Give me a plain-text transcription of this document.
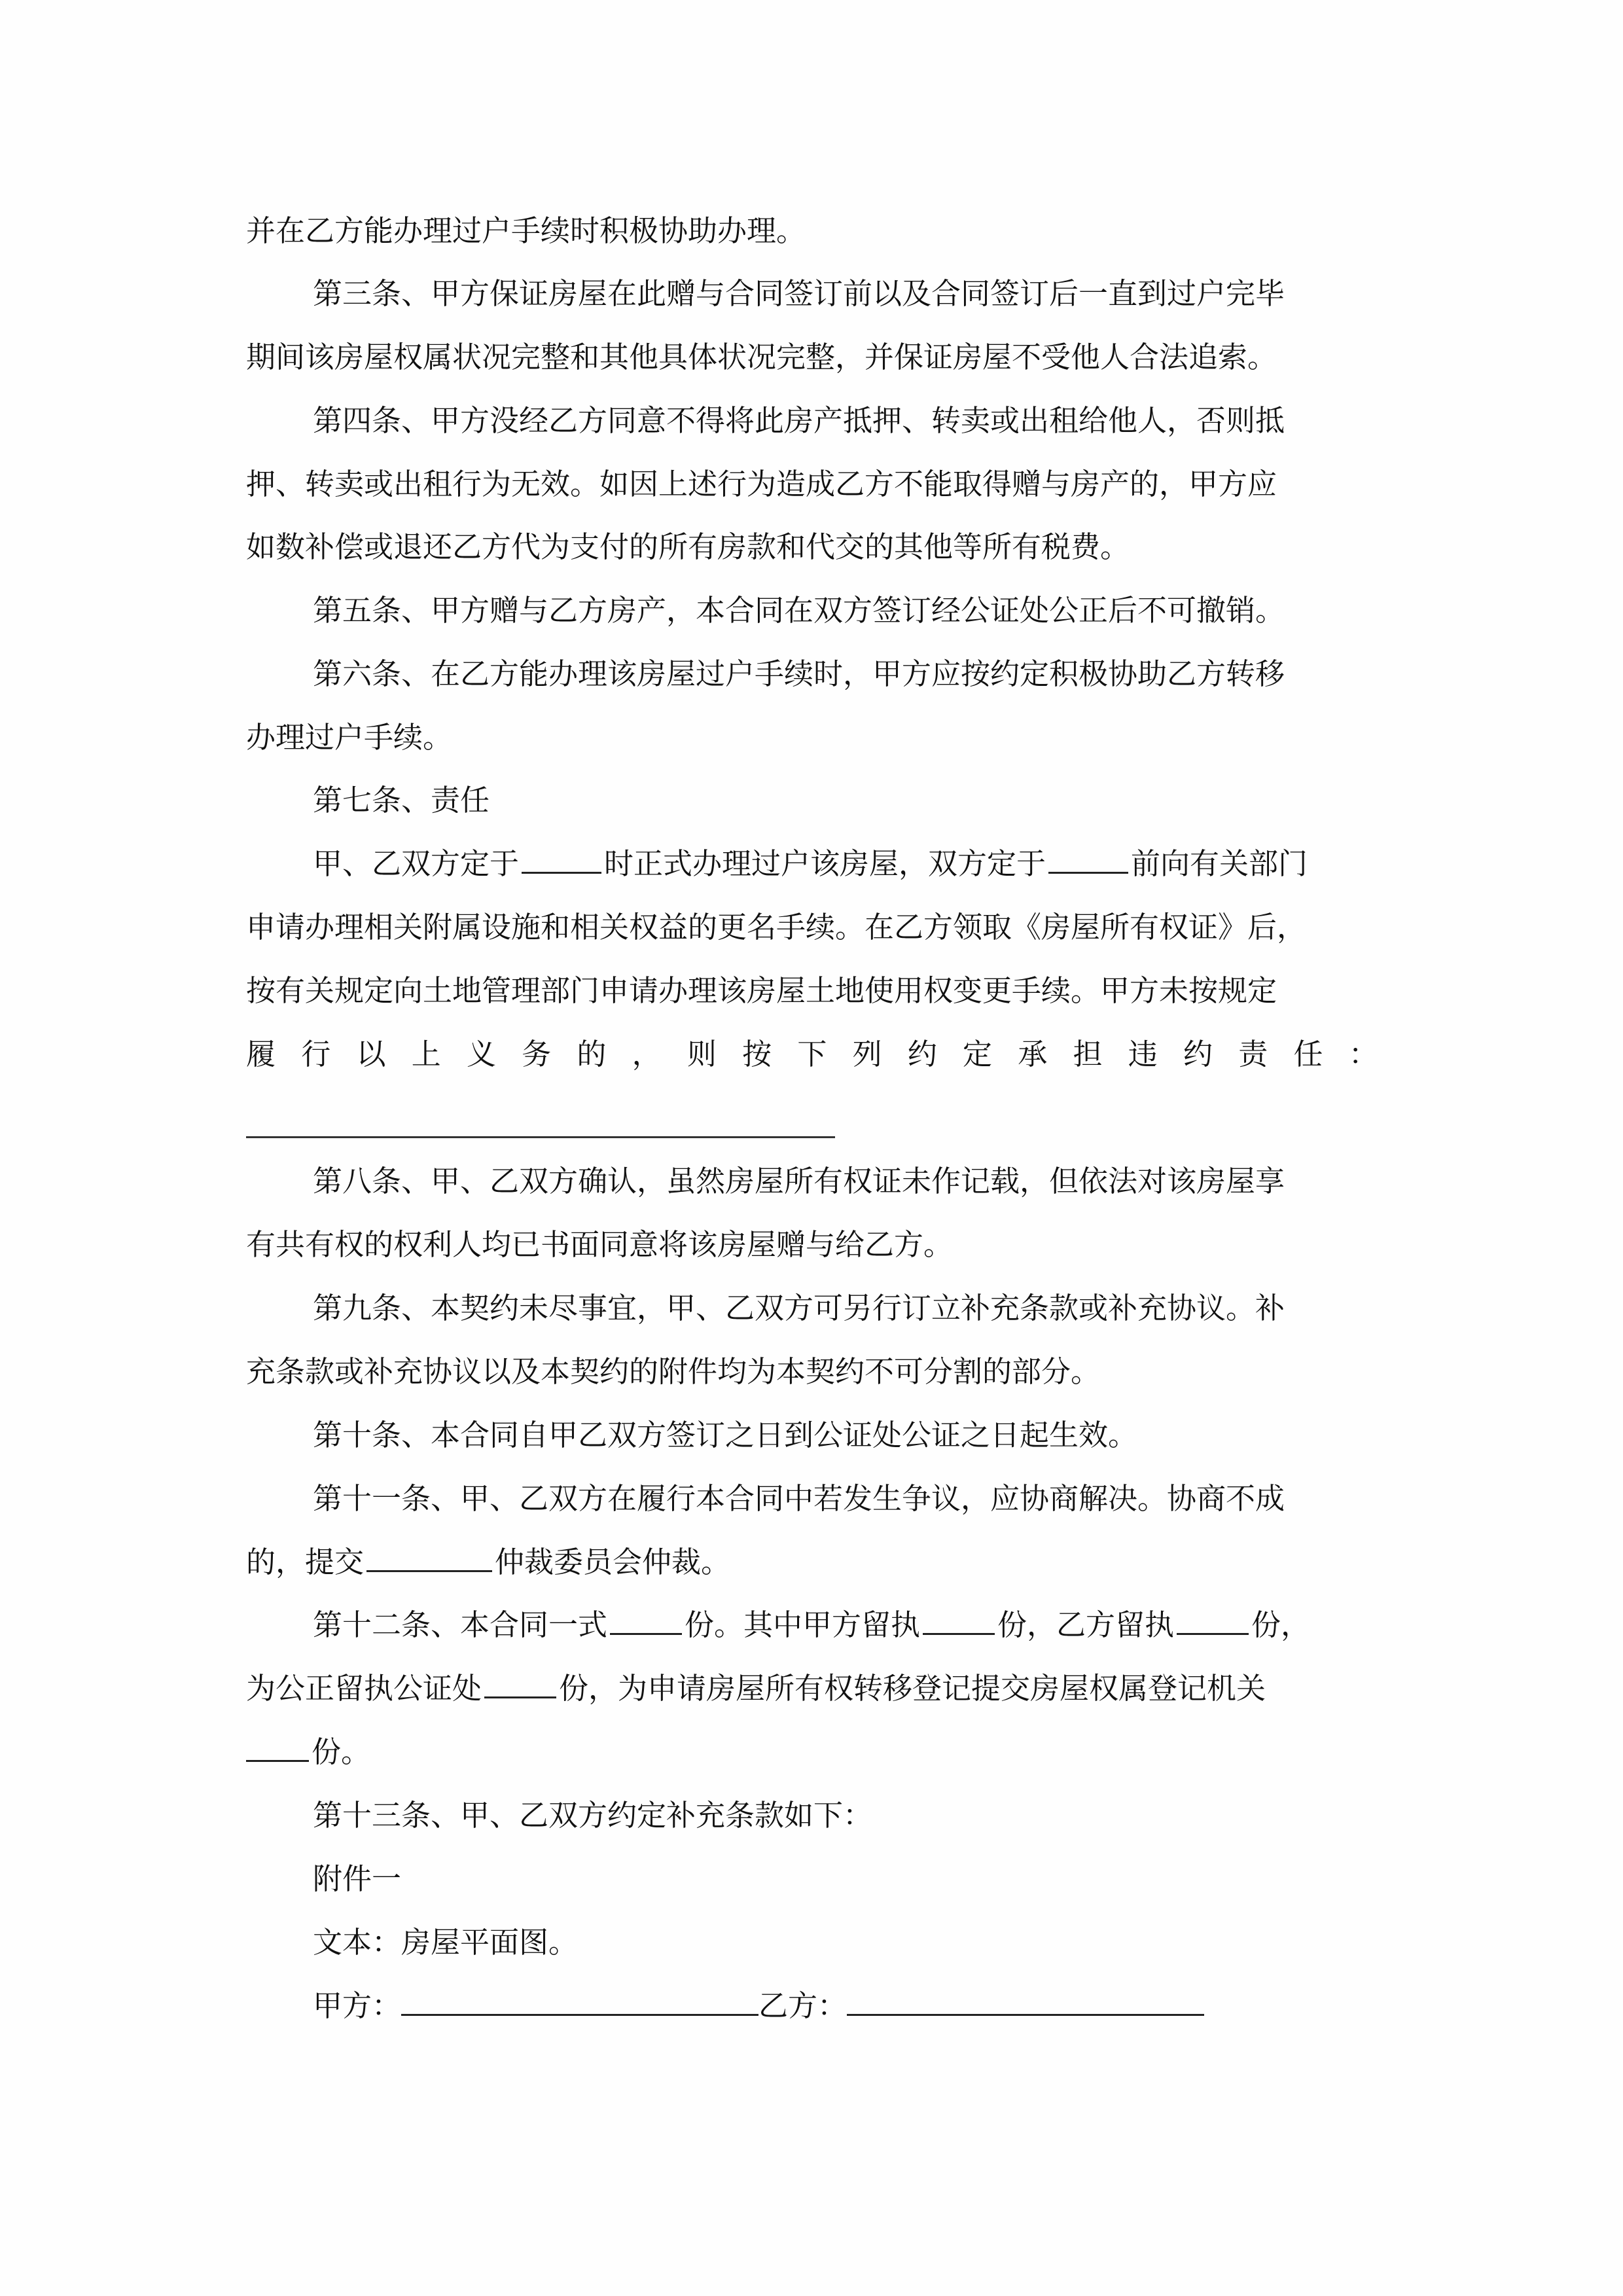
并在乙方能办理过户手续时积极协助办理。
第三条、甲方保证房屋在此赠与合同签订前以及合同签订后一直到过户完毕
期间该房屋权属状况完整和其他具体状况完整，并保证房屋不受他人合法追索。
第四条、甲方没经乙方同意不得将此房产抵押、转卖或出租给他人，否则抵
押、转卖或出租行为无效。如因上述行为造成乙方不能取得赠与房产的，甲方应
如数补偿或退还乙方代为支付的所有房款和代交的其他等所有税费。
第五条、甲方赠与乙方房产，本合同在双方签订经公证处公正后不可撤销。
第六条、在乙方能办理该房屋过户手续时，甲方应按约定积极协助乙方转移
办理过户手续。
第七条、责任
甲、乙双方定于	时正式办理过户该房屋，双方定于	前向有关部门
申请办理相关附属设施和相关权益的更名手续。在乙方领取《房屋所有权证》后，
按有关规定向土地管理部门申请办理该房屋土地使用权变更手续。甲方未按规定
履 行 以 上 义 务 的 ， 则 按 下 列 约 定 承 担 违 约 责 任 ：
第八条、甲、乙双方确认，虽然房屋所有权证未作记载，但依法对该房屋享
有共有权的权利人均已书面同意将该房屋赠与给乙方。
第九条、本契约未尽事宜，甲、乙双方可另行订立补充条款或补充协议。补
充条款或补充协议以及本契约的附件均为本契约不可分割的部分。
第十条、本合同自甲乙双方签订之日到公证处公证之日起生效。
第十一条、甲、乙双方在履行本合同中若发生争议，应协商解决。协商不成
的，提交	仲裁委员会仲裁。
第十二条、本合同一式	份。其中甲方留执	份，乙方留执	份，
为公正留执公证处	份，为申请房屋所有权转移登记提交房屋权属登记机关
份。
第十三条、甲、乙双方约定补充条款如下：
附件一
文本：房屋平面图。
甲方：	乙方：
